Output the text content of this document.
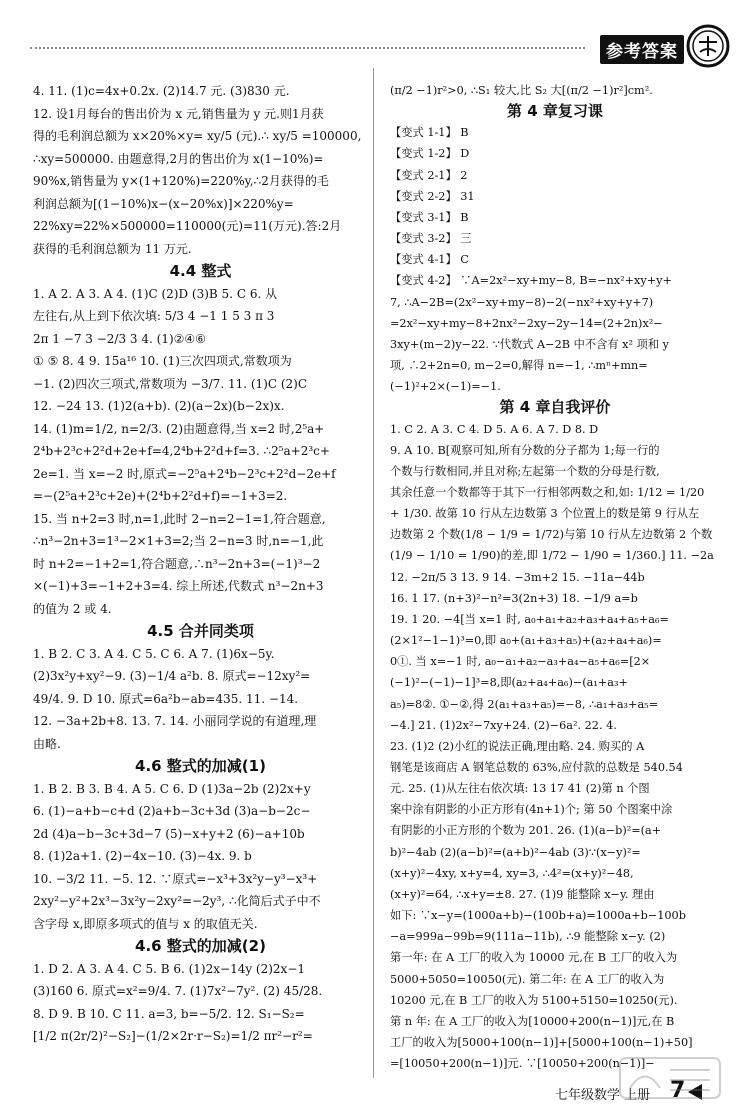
参考答案

4. 11. (1)c=4x+0.2x. (2)14.7 元. (3)830 元.

12. 设1月每台的售出价为 x 元,销售量为 y 元.则1月获

得的毛利润总额为 x×20%×y= xy/5 (元).∴ xy/5 =100000,

∴xy=500000. 由题意得,2月的售出价为 x(1−10%)=

90%x,销售量为 y×(1+120%)=220%y,∴2月获得的毛

利润总额为[(1−10%)x−(x−20%x)]×220%y=

22%xy=22%×500000=110000(元)=11(万元).答:2月

获得的毛利润总额为 11 万元.

4.4 整式

1. A 2. A 3. A 4. (1)C (2)D (3)B 5. C 6. 从

左往右,从上到下依次填: 5/3 4 −1 1 5 3 π 3

2π 1 −7 3 −2/3 3 4. (1)②④⑥

① ⑤ 8. 4 9. 15a¹⁶ 10. (1)三次四项式,常数项为

−1. (2)四次三项式,常数项为 −3/7. 11. (1)C (2)C

12. −24 13. (1)2(a+b). (2)(a−2x)(b−2x)x.

14. (1)m=1/2, n=2/3. (2)由题意得,当 x=2 时,2⁵a+

2⁴b+2³c+2²d+2e+f=4,2⁴b+2²d+f=3. ∴2⁵a+2³c+

2e=1. 当 x=−2 时,原式=−2⁵a+2⁴b−2³c+2²d−2e+f

=−(2⁵a+2³c+2e)+(2⁴b+2²d+f)=−1+3=2.

15. 当 n+2=3 时,n=1,此时 2−n=2−1=1,符合题意,

∴n³−2n+3=1³−2×1+3=2;当 2−n=3 时,n=−1,此

时 n+2=−1+2=1,符合题意,∴n³−2n+3=(−1)³−2

×(−1)+3=−1+2+3=4. 综上所述,代数式 n³−2n+3

的值为 2 或 4.

4.5 合并同类项

1. B 2. C 3. A 4. C 5. C 6. A 7. (1)6x−5y.

(2)3x²y+xy²−9. (3)−1/4 a²b. 8. 原式=−12xy²=

49/4. 9. D 10. 原式=6a²b−ab=435. 11. −14.

12. −3a+2b+8. 13. 7. 14. 小丽同学说的有道理,理

由略.

4.6 整式的加减(1)

1. B 2. B 3. B 4. A 5. C 6. D (1)3a−2b (2)2x+y

6. (1)−a+b−c+d (2)a+b−3c+3d (3)a−b−2c−

2d (4)a−b−3c+3d−7 (5)−x+y+2 (6)−a+10b

8. (1)2a+1. (2)−4x−10. (3)−4x. 9. b

10. −3/2 11. −5. 12. ∵原式=−x³+3x²y−y³−x³+

2xy²−y²+2x³−3x²y−2xy²=−2y³, ∴化简后式子中不

含字母 x,即原多项式的值与 x 的取值无关.

4.6 整式的加减(2)

1. D 2. A 3. A 4. C 5. B 6. (1)2x−14y (2)2x−1

(3)160 6. 原式=x²=9/4. 7. (1)7x²−7y². (2) 45/28.

8. D 9. B 10. C 11. a=3, b=−5/2. 12. S₁−S₂=

[1/2 π(2r/2)²−S₂]−(1/2×2r·r−S₂)=1/2 πr²−r²=

(π/2 −1)r²>0, ∴S₁ 较大,比 S₂ 大[(π/2 −1)r²]cm².

第 4 章复习课

【变式 1-1】 B

【变式 1-2】 D

【变式 2-1】 2

【变式 2-2】 31

【变式 3-1】 B

【变式 3-2】 三

【变式 4-1】 C

【变式 4-2】 ∵A=2x²−xy+my−8, B=−nx²+xy+y+

7, ∴A−2B=(2x²−xy+my−8)−2(−nx²+xy+y+7)

=2x²−xy+my−8+2nx²−2xy−2y−14=(2+2n)x²−

3xy+(m−2)y−22. ∵代数式 A−2B 中不含有 x² 项和 y

项, ∴2+2n=0, m−2=0,解得 n=−1, ∴mⁿ+mn=

(−1)²+2×(−1)=−1.

第 4 章自我评价

1. C 2. A 3. C 4. D 5. A 6. A 7. D 8. D

9. A 10. B[观察可知,所有分数的分子都为 1;每一行的

个数与行数相同,并且对称;左起第一个数的分母是行数,

其余任意一个数都等于其下一行相邻两数之和,如: 1/12 = 1/20

+ 1/30. 故第 10 行从左边数第 3 个位置上的数是第 9 行从左

边数第 2 个数(1/8 − 1/9 = 1/72)与第 10 行从左边数第 2 个数

(1/9 − 1/10 = 1/90)的差,即 1/72 − 1/90 = 1/360.] 11. −2a

12. −2π/5 3 13. 9 14. −3m+2 15. −11a−44b

16. 1 17. (n+3)²−n²=3(2n+3) 18. −1/9 a=b

19. 1 20. −4[当 x=1 时, a₀+a₁+a₂+a₃+a₄+a₅+a₆=

(2×1²−1−1)³=0,即 a₀+(a₁+a₃+a₅)+(a₂+a₄+a₆)=

0①. 当 x=−1 时, a₀−a₁+a₂−a₃+a₄−a₅+a₆=[2×

(−1)²−(−1)−1]³=8,即(a₂+a₄+a₆)−(a₁+a₃+

a₅)=8②. ①−②,得 2(a₁+a₃+a₅)=−8, ∴a₁+a₃+a₅=

−4.] 21. (1)2x²−7xy+24. (2)−6a². 22. 4.

23. (1)2 (2)小红的说法正确,理由略. 24. 购买的 A

钢笔是该商店 A 钢笔总数的 63%,应付款的总数是 540.54

元. 25. (1)从左往右依次填: 13 17 41 (2)第 n 个图

案中涂有阴影的小正方形有(4n+1)个; 第 50 个图案中涂

有阴影的小正方形的个数为 201. 26. (1)(a−b)²=(a+

b)²−4ab (2)(a−b)²=(a+b)²−4ab (3)∵(x−y)²=

(x+y)²−4xy, x+y=4, xy=3, ∴4²=(x+y)²−48,

(x+y)²=64, ∴x+y=±8. 27. (1)9 能整除 x−y. 理由

如下: ∵x−y=(1000a+b)−(100b+a)=1000a+b−100b

−a=999a−99b=9(111a−11b), ∴9 能整除 x−y. (2)

第一年: 在 A 工厂的收入为 10000 元,在 B 工厂的收入为

5000+5050=10050(元). 第二年: 在 A 工厂的收入为

10200 元,在 B 工厂的收入为 5100+5150=10250(元).

第 n 年: 在 A 工厂的收入为[10000+200(n−1)]元,在 B

工厂的收入为[5000+100(n−1)]+[5000+100(n−1)+50]

=[10050+200(n−1)]元. ∵[10050+200(n−1)]−

七年级数学 上册 7
